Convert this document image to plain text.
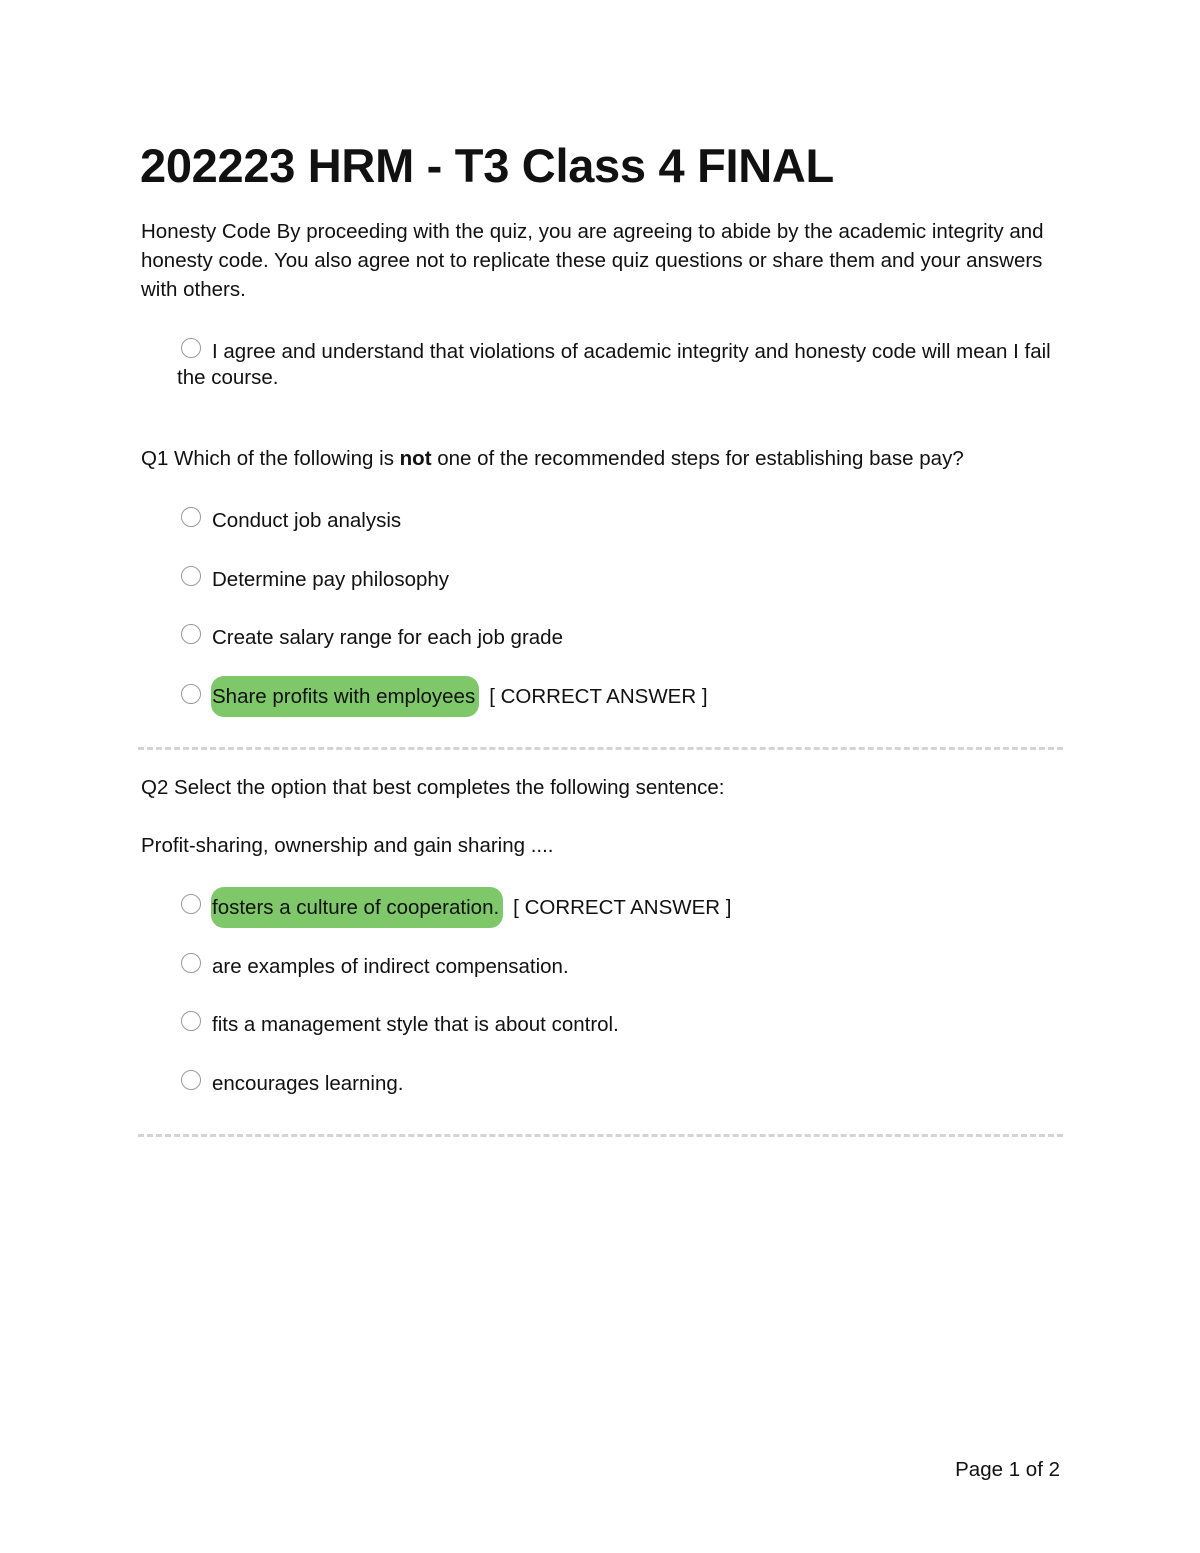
202223 HRM - T3 Class 4 FINAL

Honesty Code By proceeding with the quiz, you are agreeing to abide by the academic integrity and honesty code. You also agree not to replicate these quiz questions or share them and your answers with others.

I agree and understand that violations of academic integrity and honesty code will mean I fail the course.
Q1 Which of the following is not one of the recommended steps for establishing base pay?
Conduct job analysis
Determine pay philosophy
Create salary range for each job grade
Share profits with employees [ CORRECT ANSWER ]
Q2 Select the option that best completes the following sentence:
Profit-sharing, ownership and gain sharing ....
fosters a culture of cooperation. [ CORRECT ANSWER ]
are examples of indirect compensation.
fits a management style that is about control.
encourages learning.
Page 1 of 2
